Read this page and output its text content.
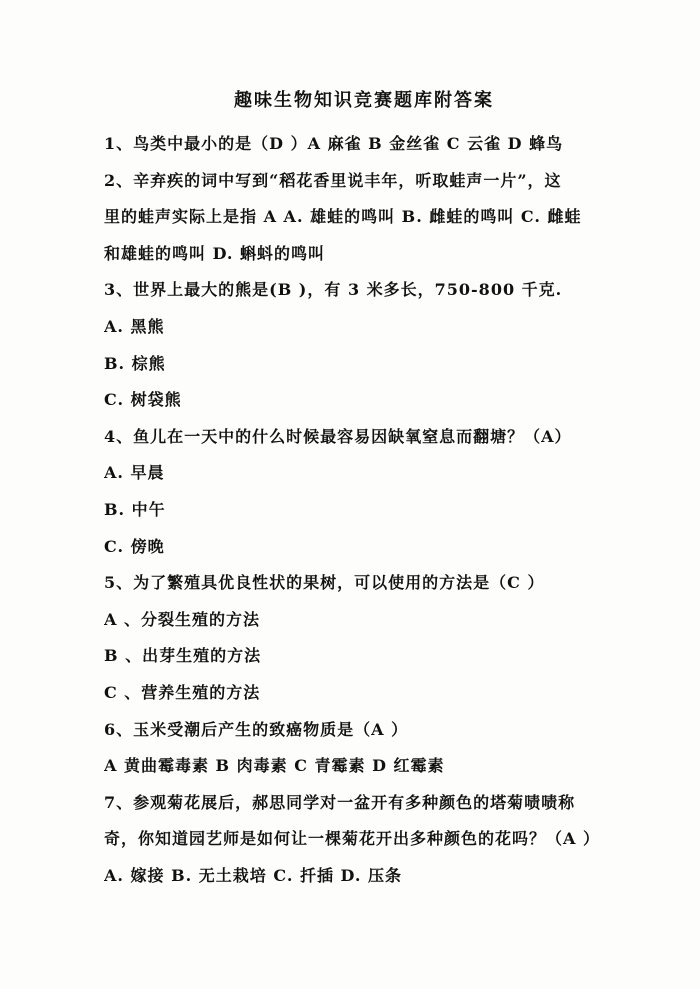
趣味生物知识竞赛题库附答案
1、鸟类中最小的是（D ）A 麻雀 B 金丝雀 C 云雀 D 蜂鸟
2、辛弃疾的词中写到“稻花香里说丰年，听取蛙声一片”，这
里的蛙声实际上是指 A A. 雄蛙的鸣叫 B. 雌蛙的鸣叫 C. 雌蛙
和雄蛙的鸣叫 D. 蝌蚪的鸣叫
3、世界上最大的熊是(B )，有 3 米多长，750-800 千克.
A. 黑熊
B. 棕熊
C. 树袋熊
4、鱼儿在一天中的什么时候最容易因缺氧窒息而翻塘？（A）
A. 早晨
B. 中午
C. 傍晚
5、为了繁殖具优良性状的果树，可以使用的方法是（C ）
A 、分裂生殖的方法
B 、出芽生殖的方法
C 、营养生殖的方法
6、玉米受潮后产生的致癌物质是（A ）
A 黄曲霉毒素 B 肉毒素 C 青霉素 D 红霉素
7、参观菊花展后，郝思同学对一盆开有多种颜色的塔菊啧啧称
奇，你知道园艺师是如何让一棵菊花开出多种颜色的花吗？（A ）
A. 嫁接 B. 无土栽培 C. 扦插 D. 压条
